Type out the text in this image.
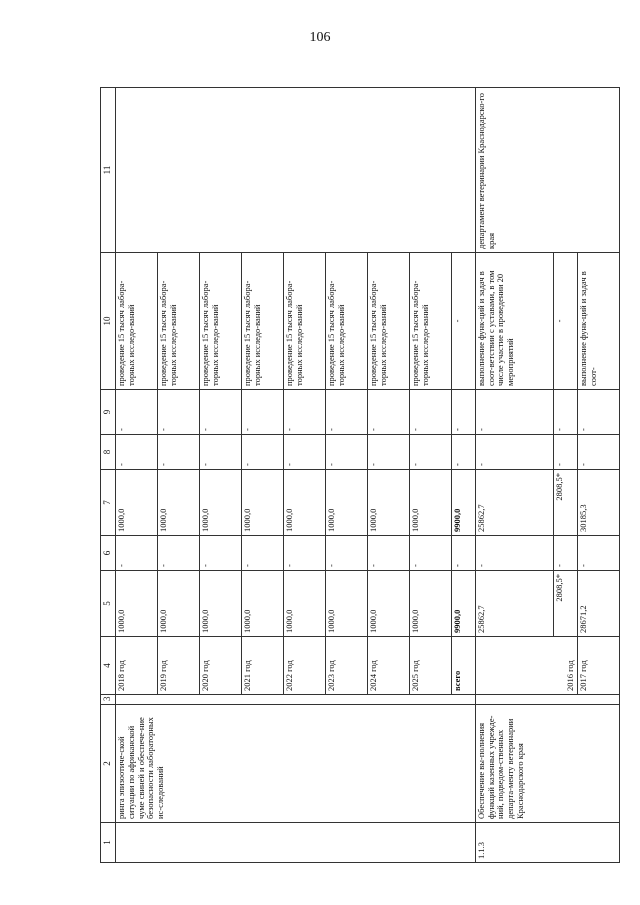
106
1	2	3	4	5	6	7	8	9	10	11
	ринга эпизоотиче-ской ситуации по африканской чуме свиней и обеспече-ние безопасности лабораторных ис-следований		2018 год	1000,0	-	1000,0	-	-	проведение 15 тысяч лабора-торных исследо-ваний	
			2019 год	1000,0	-	1000,0	-	-	проведение 15 тысяч лабора-торных исследо-ваний	
			2020 год	1000,0	-	1000,0	-	-	проведение 15 тысяч лабора-торных исследо-ваний	
			2021 год	1000,0	-	1000,0	-	-	проведение 15 тысяч лабора-торных исследо-ваний	
			2022 год	1000,0	-	1000,0	-	-	проведение 15 тысяч лабора-торных исследо-ваний	
			2023 год	1000,0	-	1000,0	-	-	проведение 15 тысяч лабора-торных исследо-ваний	
			2024 год	1000,0	-	1000,0	-	-	проведение 15 тысяч лабора-торных исследо-ваний	
			2025 год	1000,0	-	1000,0	-	-	проведение 15 тысяч лабора-торных исследо-ваний	
			всего	9900,0	-	9900,0	-	-	-	
1.1.3	Обеспечение вы-полнения функций казенных учрежде-ний, подведом-ственных департа-менту ветеринарии Краснодарского края		2016 год	25862,7	-	25862,7	-	-	выполнение функ-ций и задач в соот-ветствии с уставами, в том числе участие в проведении 20 мероприятий	департамент ветеринарии Краснодарско-го края
				2808,5*	-	2808,5*	-	-	-	
			2017 год	28671,2	-	30185,3	-	-	выполнение функ-ций и задач в соот-	
